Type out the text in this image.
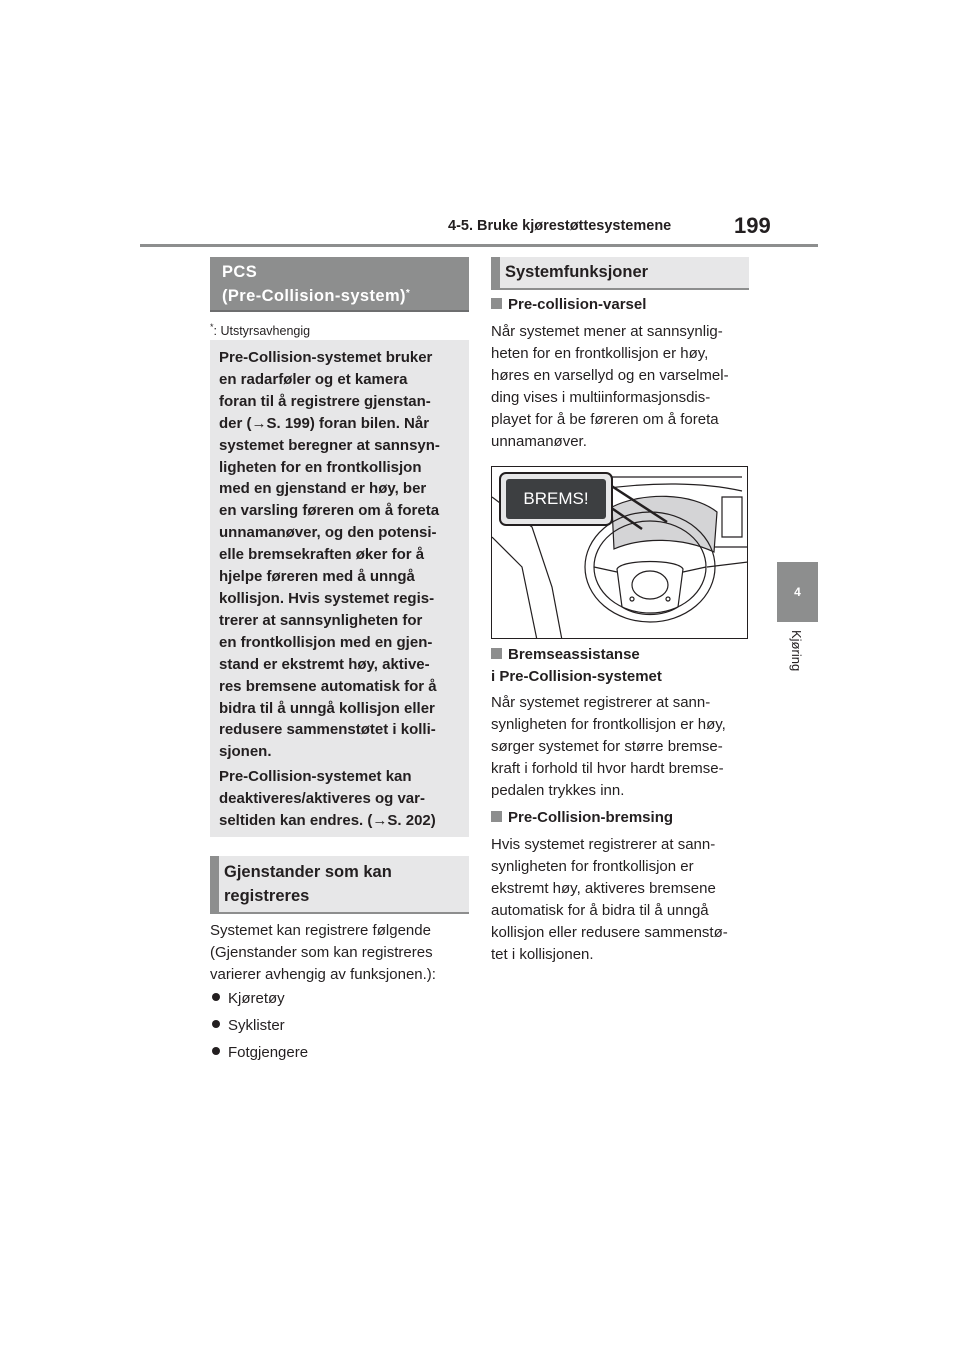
4-5. Bruke kjørestøttesystemene	199
4
Kjøring
PCS
(Pre-Collision-system)*
*: Utstyrsavhengig

Pre-Collision-systemet bruker
en radarføler og et kamera
foran til å registrere gjenstan-
der (→S. 199) foran bilen. Når
systemet beregner at sannsyn-
ligheten for en frontkollisjon
med en gjenstand er høy, ber
en varsling føreren om å foreta
unnamanøver, og den potensi-
elle bremsekraften øker for å
hjelpe føreren med å unngå
kollisjon. Hvis systemet regis-
trerer at sannsynligheten for
en frontkollisjon med en gjen-
stand er ekstremt høy, aktive-
res bremsene automatisk for å
bidra til å unngå kollisjon eller
redusere sammenstøtet i kolli-
sjonen.

Pre-Collision-systemet kan
deaktiveres/aktiveres og var-
seltiden kan endres. (→S. 202)

Gjenstander som kan
registreres

Systemet kan registrere følgende
(Gjenstander som kan registreres
varierer avhengig av funksjonen.):

Kjøretøy
Syklister
Fotgjengere
Systemfunksjoner
Pre-collision-varsel

Når systemet mener at sannsynlig-
heten for en frontkollisjon er høy,
høres en varsellyd og en varselmel-
ding vises i multiinformasjonsdis-
playet for å be føreren om å foreta
unnamanøver.

BREMS!
Bremseassistanse
i Pre-Collision-systemet

Når systemet registrerer at sann-
synligheten for frontkollisjon er høy,
sørger systemet for større bremse-
kraft i forhold til hvor hardt bremse-
pedalen trykkes inn.

Pre-Collision-bremsing

Hvis systemet registrerer at sann-
synligheten for frontkollisjon er
ekstremt høy, aktiveres bremsene
automatisk for å bidra til å unngå
kollisjon eller redusere sammenstø-
tet i kollisjonen.
